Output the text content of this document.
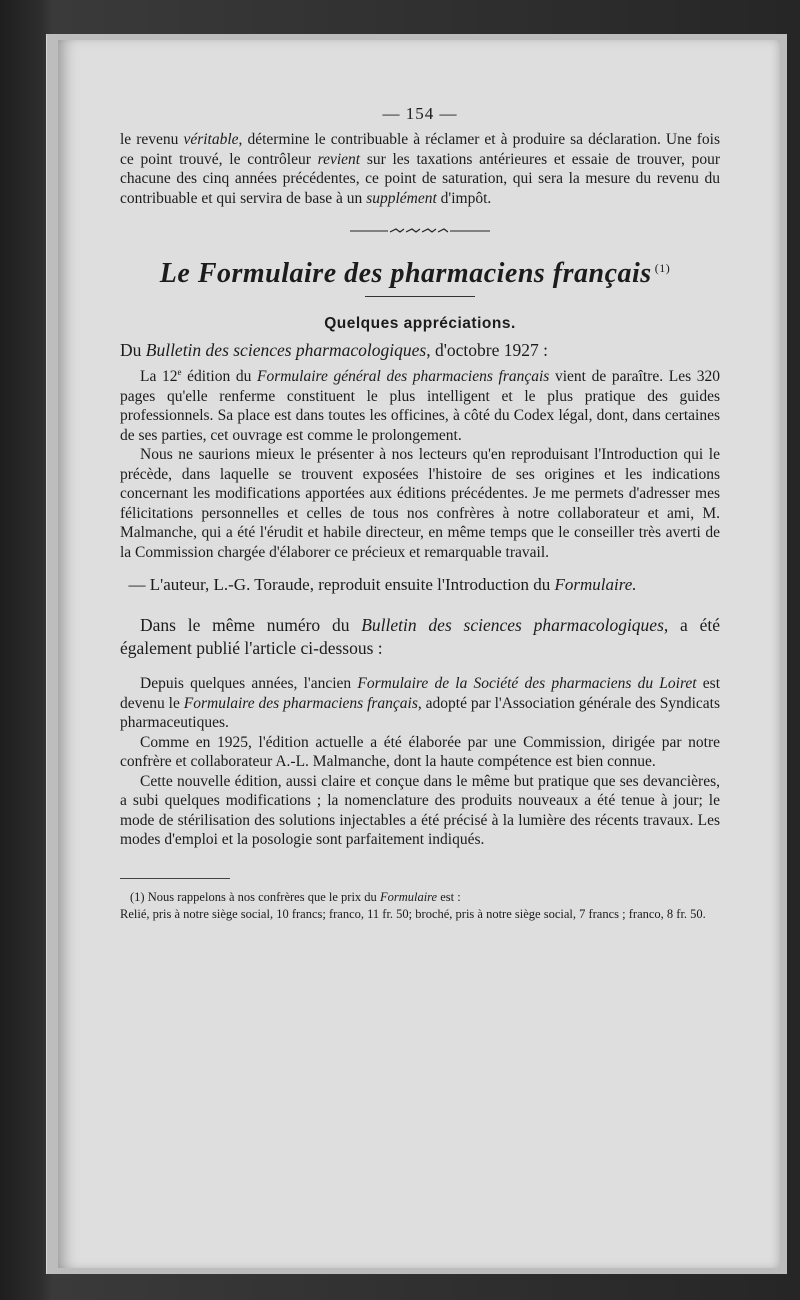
— 154 —

le revenu véritable, détermine le contribuable à réclamer et à produire sa déclaration. Une fois ce point trouvé, le contrôleur revient sur les taxations antérieures et essaie de trouver, pour chacune des cinq années précédentes, ce point de saturation, qui sera la mesure du revenu du contribuable et qui servira de base à un supplément d'impôt.

Le Formulaire des pharmaciens français $^{(1)}$
Quelques appréciations.

Du Bulletin des sciences pharmacologiques, d'octobre 1927 :

La 12e édition du Formulaire général des pharmaciens français vient de paraître. Les 320 pages qu'elle renferme constituent le plus intelligent et le plus pratique des guides professionnels. Sa place est dans toutes les officines, à côté du Codex légal, dont, dans certaines de ses parties, cet ouvrage est comme le prolongement.

Nous ne saurions mieux le présenter à nos lecteurs qu'en reproduisant l'Introduction qui le précède, dans laquelle se trouvent exposées l'histoire de ses origines et les indications concernant les modifications apportées aux éditions précédentes. Je me permets d'adresser mes félicitations personnelles et celles de tous nos confrères à notre collaborateur et ami, M. Malmanche, qui a été l'érudit et habile directeur, en même temps que le conseiller très averti de la Commission chargée d'élaborer ce précieux et remarquable travail.

— L'auteur, L.-G. Toraude, reproduit ensuite l'Introduction du Formulaire.

Dans le même numéro du Bulletin des sciences pharmacologiques, a été également publié l'article ci-dessous :

Depuis quelques années, l'ancien Formulaire de la Société des pharmaciens du Loiret est devenu le Formulaire des pharmaciens français, adopté par l'Association générale des Syndicats pharmaceutiques.

Comme en 1925, l'édition actuelle a été élaborée par une Commission, dirigée par notre confrère et collaborateur A.-L. Malmanche, dont la haute compétence est bien connue.

Cette nouvelle édition, aussi claire et conçue dans le même but pratique que ses devancières, a subi quelques modifications ; la nomenclature des produits nouveaux a été tenue à jour; le mode de stérilisation des solutions injectables a été précisé à la lumière des récents travaux. Les modes d'emploi et la posologie sont parfaitement indiqués.

(1) Nous rappelons à nos confrères que le prix du Formulaire est :
Relié, pris à notre siège social, 10 francs; franco, 11 fr. 50; broché, pris à notre siège social, 7 francs ; franco, 8 fr. 50.
